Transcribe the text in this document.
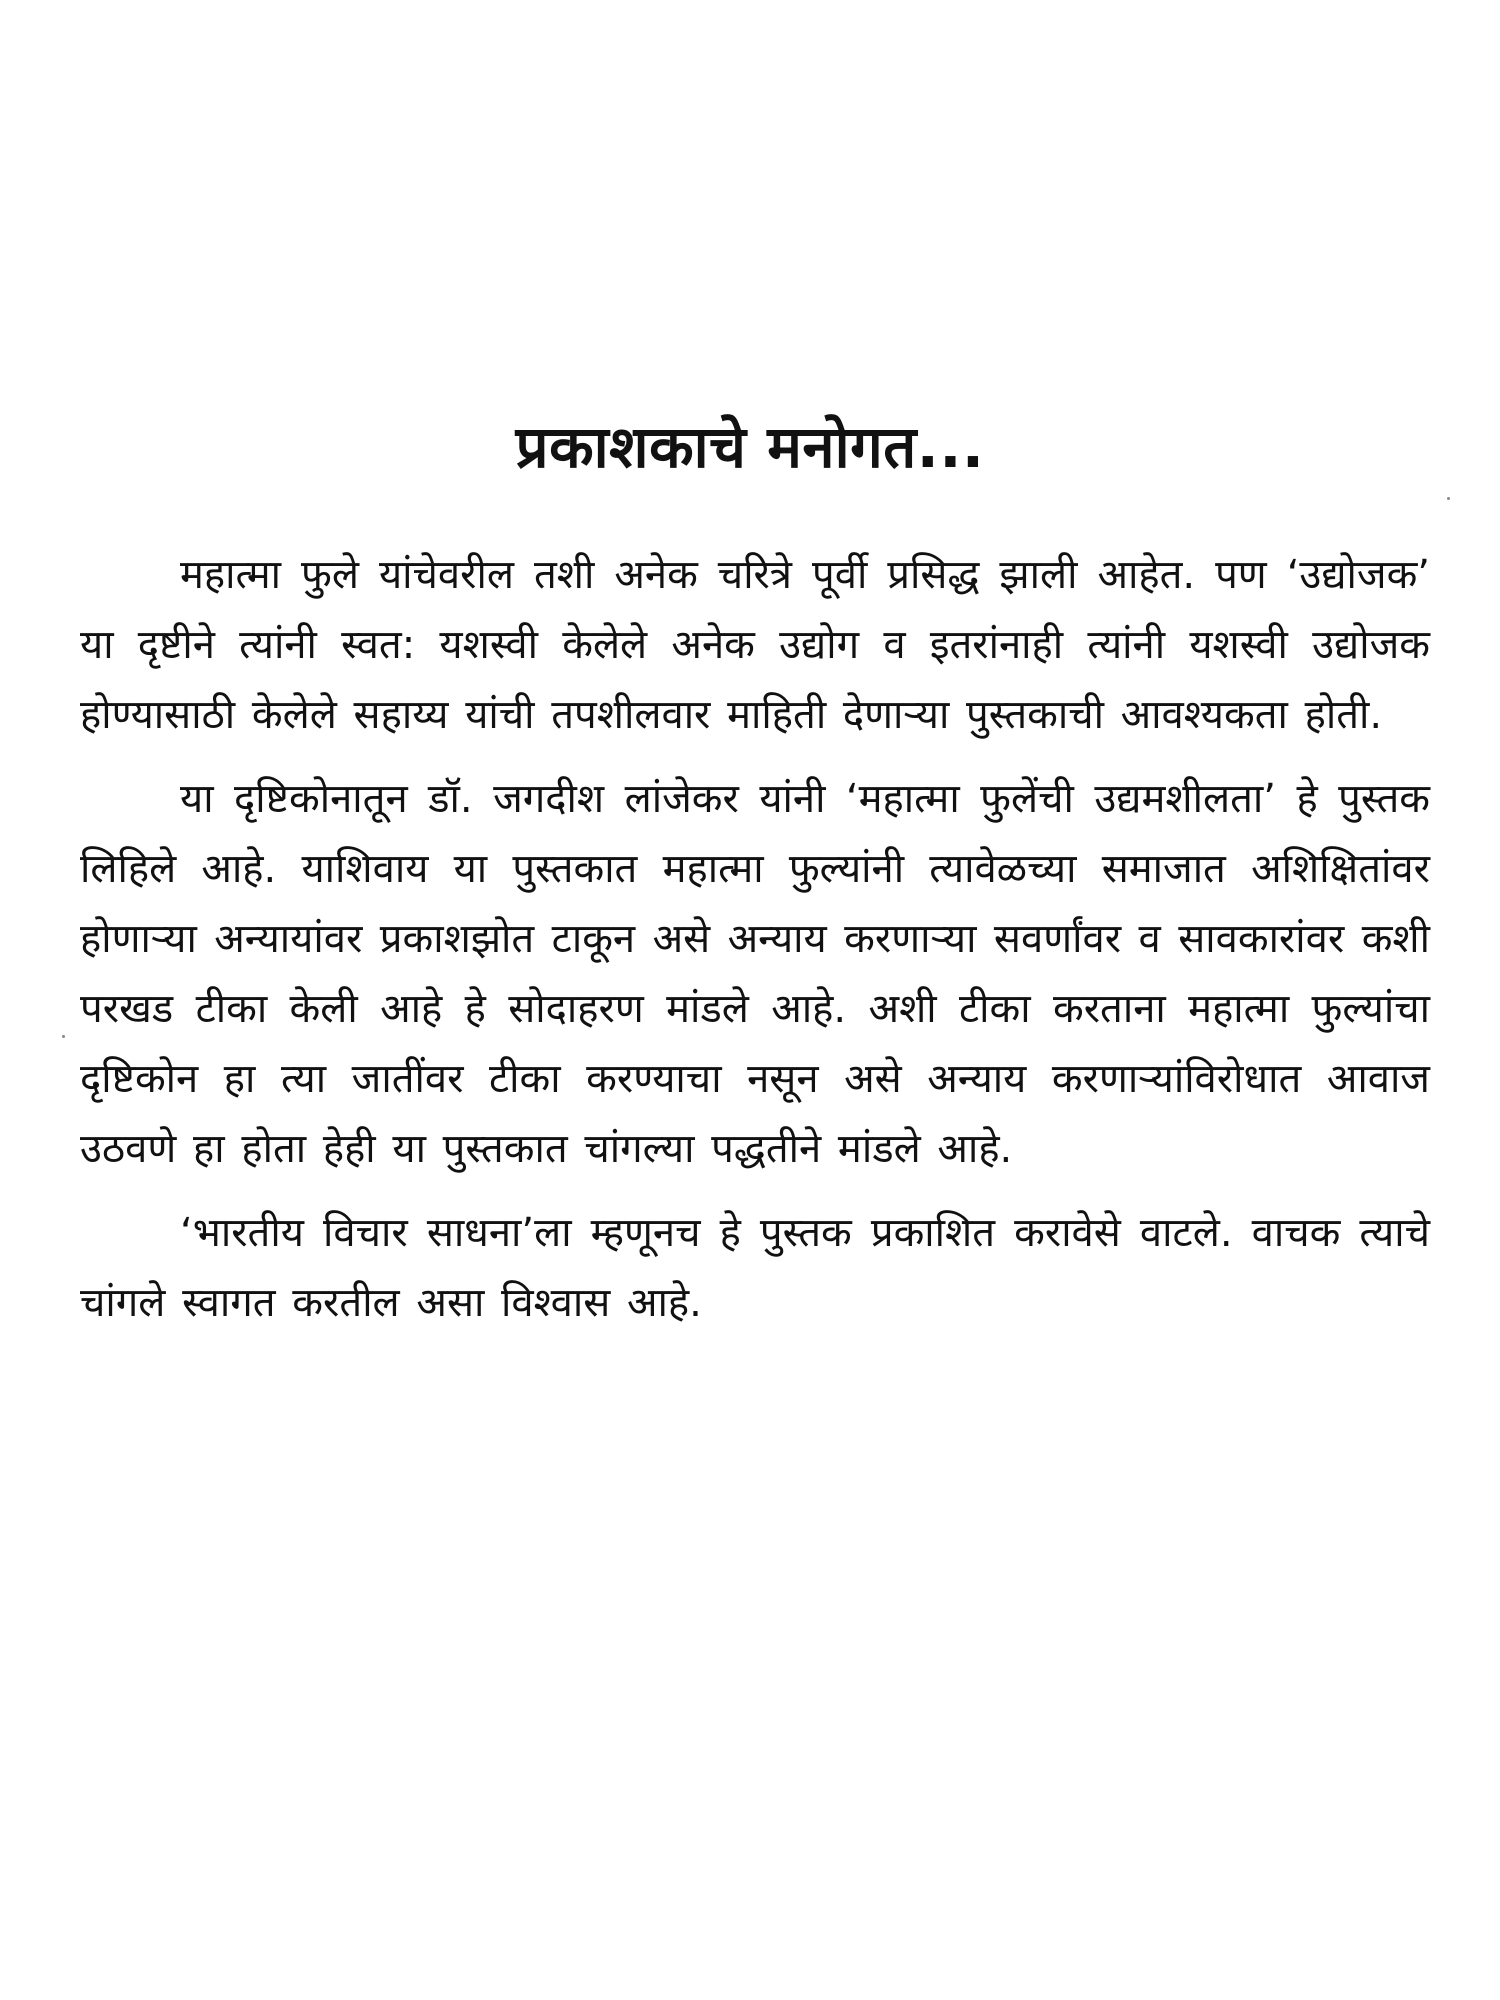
प्रकाशकाचे मनोगत...

महात्मा फुले यांचेवरील तशी अनेक चरित्रे पूर्वी प्रसिद्ध झाली आहेत. पण ‘उद्योजक’ या दृष्टीने त्यांनी स्वत: यशस्वी केलेले अनेक उद्योग व इतरांनाही त्यांनी यशस्वी उद्योजक होण्यासाठी केलेले सहाय्य यांची तपशीलवार माहिती देणाऱ्या पुस्तकाची आवश्यकता होती.

या दृष्टिकोनातून डॉ. जगदीश लांजेकर यांनी ‘महात्मा फुलेंची उद्यमशीलता’ हे पुस्तक लिहिले आहे. याशिवाय या पुस्तकात महात्मा फुल्यांनी त्यावेळच्या समाजात अशिक्षितांवर होणाऱ्या अन्यायांवर प्रकाशझोत टाकून असे अन्याय करणाऱ्या सवर्णांवर व सावकारांवर कशी परखड टीका केली आहे हे सोदाहरण मांडले आहे. अशी टीका करताना महात्मा फुल्यांचा दृष्टिकोन हा त्या जातींवर टीका करण्याचा नसून असे अन्याय करणाऱ्यांविरोधात आवाज उठवणे हा होता हेही या पुस्तकात चांगल्या पद्धतीने मांडले आहे.

‘भारतीय विचार साधना’ला म्हणूनच हे पुस्तक प्रकाशित करावेसे वाटले. वाचक त्याचे चांगले स्वागत करतील असा विश्वास आहे.
